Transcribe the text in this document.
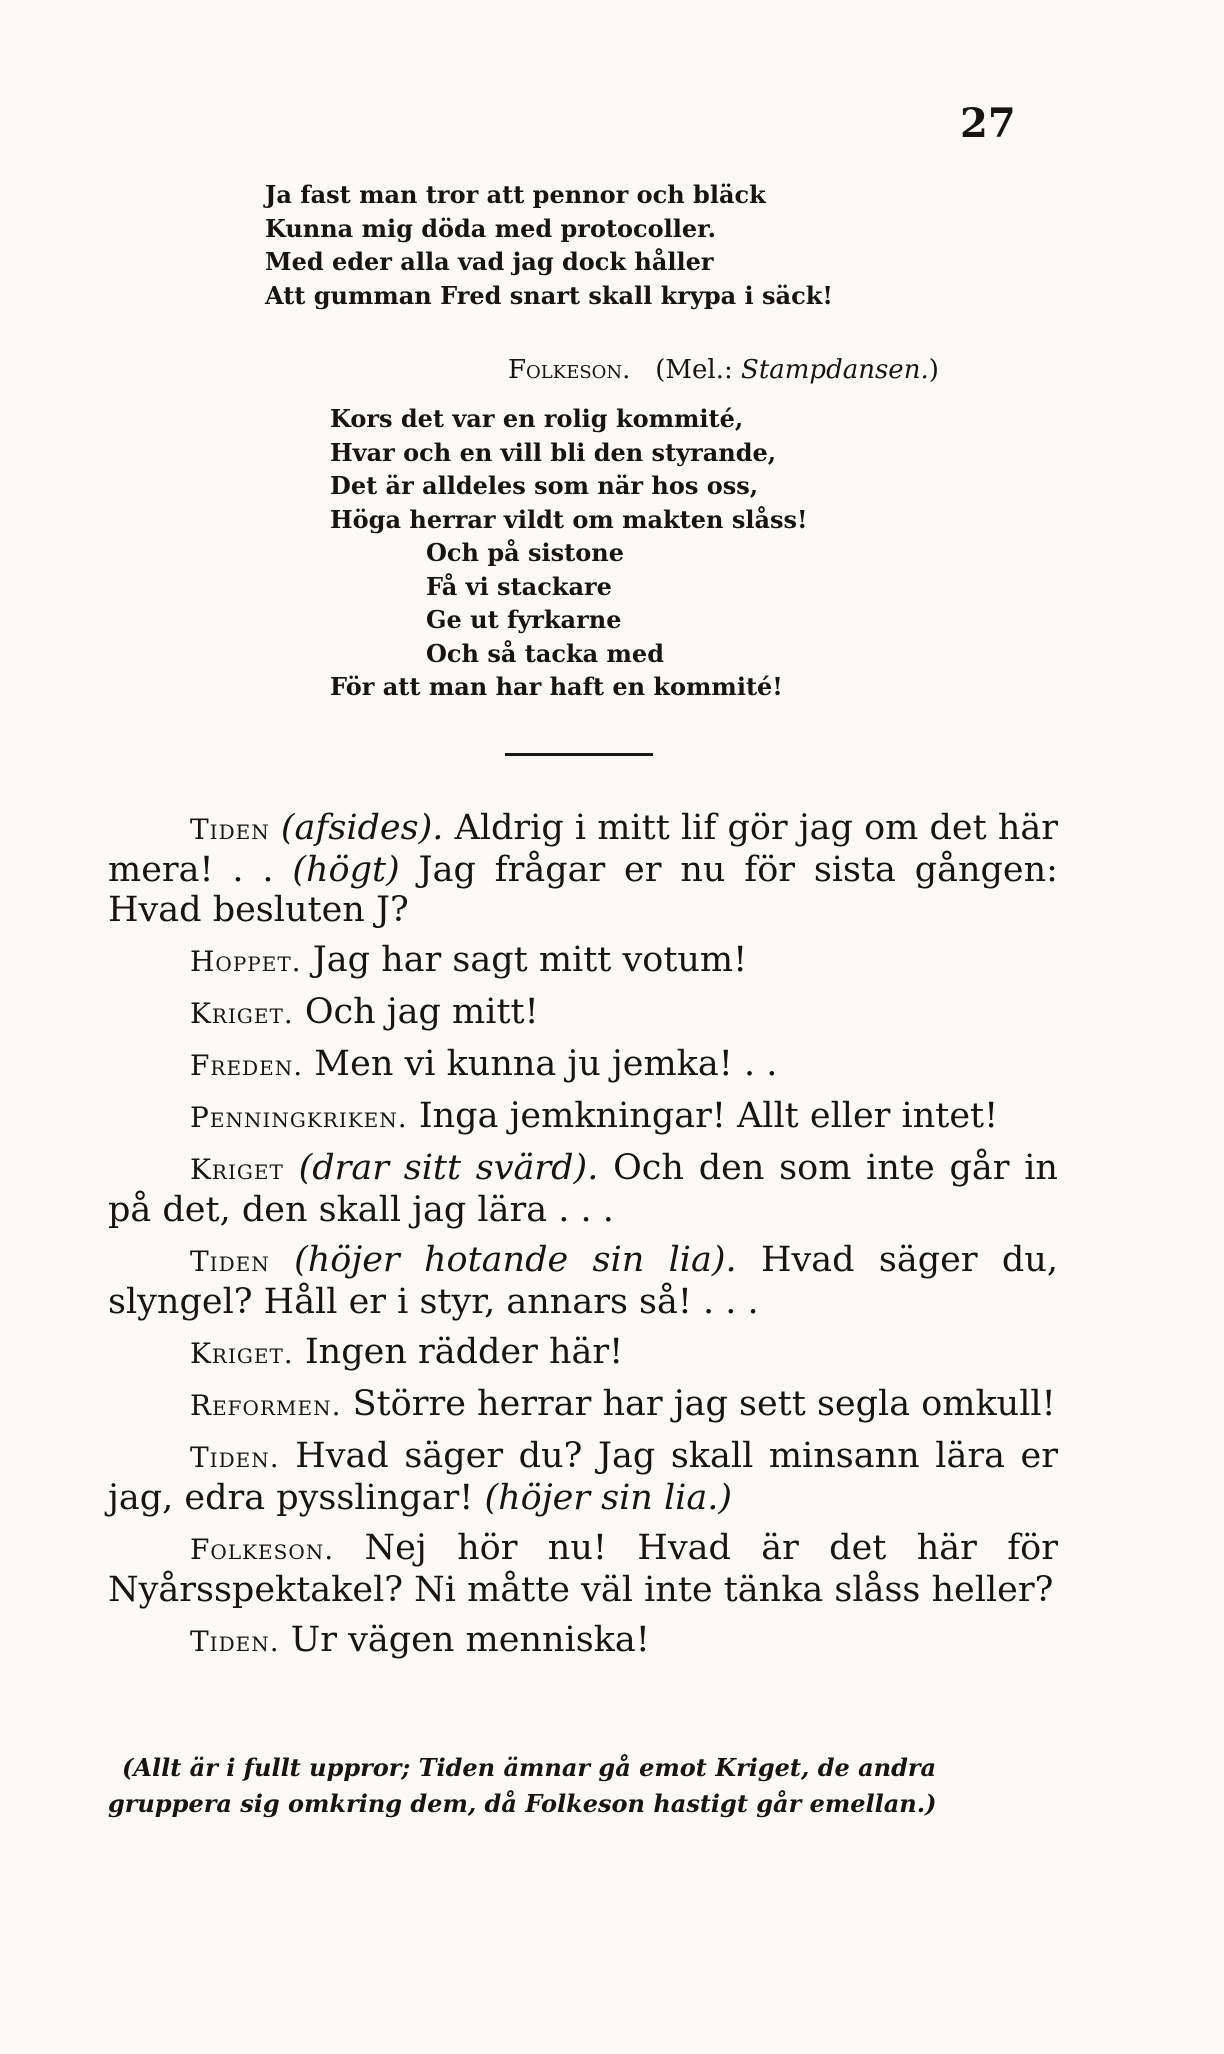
27
Ja fast man tror att pennor och bläck
Kunna mig döda med protocoller.
Med eder alla vad jag dock håller
Att gumman Fred snart skall krypa i säck!
Folkeson. (Mel.: Stampdansen.)
Kors det var en rolig kommité,
Hvar och en vill bli den styrande,
Det är alldeles som när hos oss,
Höga herrar vildt om makten slåss!
Och på sistone
Få vi stackare
Ge ut fyrkarne
Och så tacka med
För att man har haft en kommité!

Tiden (afsides). Aldrig i mitt lif gör jag om det här mera! . . (högt) Jag frågar er nu för sista gången: Hvad besluten J?

Hoppet. Jag har sagt mitt votum!

Kriget. Och jag mitt!

Freden. Men vi kunna ju jemka! . .

Penningkriken. Inga jemkningar! Allt eller intet!

Kriget (drar sitt svärd). Och den som inte går in på det, den skall jag lära . . .

Tiden (höjer hotande sin lia). Hvad säger du, slyngel? Håll er i styr, annars så! . . .

Kriget. Ingen rädder här!

Reformen. Större herrar har jag sett segla omkull!

Tiden. Hvad säger du? Jag skall minsann lära er jag, edra pysslingar! (höjer sin lia.)

Folkeson. Nej hör nu! Hvad är det här för Nyårsspektakel? Ni måtte väl inte tänka slåss heller?

Tiden. Ur vägen menniska!

(Allt är i fullt uppror; Tiden ämnar gå emot Kriget, de andra
gruppera sig omkring dem, då Folkeson hastigt går emellan.)
